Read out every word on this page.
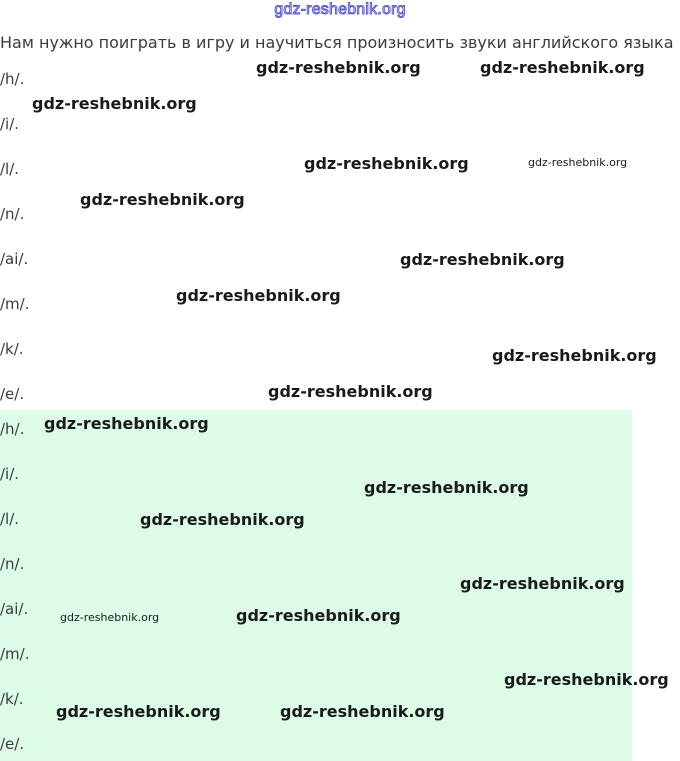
gdz-reshebnik.org
Нам нужно поиграть в игру и научиться произносить звуки английского языка
/h/.
/i/.
/l/.
/n/.
/ai/.
/m/.
/k/.
/e/.
/h/.
/i/.
/l/.
/n/.
/ai/.
/m/.
/k/.
/e/.
gdz-reshebnik.org	gdz-reshebnik.org
gdz-reshebnik.org
gdz-reshebnik.org	gdz-reshebnik.org
gdz-reshebnik.org
gdz-reshebnik.org
gdz-reshebnik.org
gdz-reshebnik.org
gdz-reshebnik.org
gdz-reshebnik.org
gdz-reshebnik.org
gdz-reshebnik.org
gdz-reshebnik.org
gdz-reshebnik.org	gdz-reshebnik.org
gdz-reshebnik.org
gdz-reshebnik.org	gdz-reshebnik.org
